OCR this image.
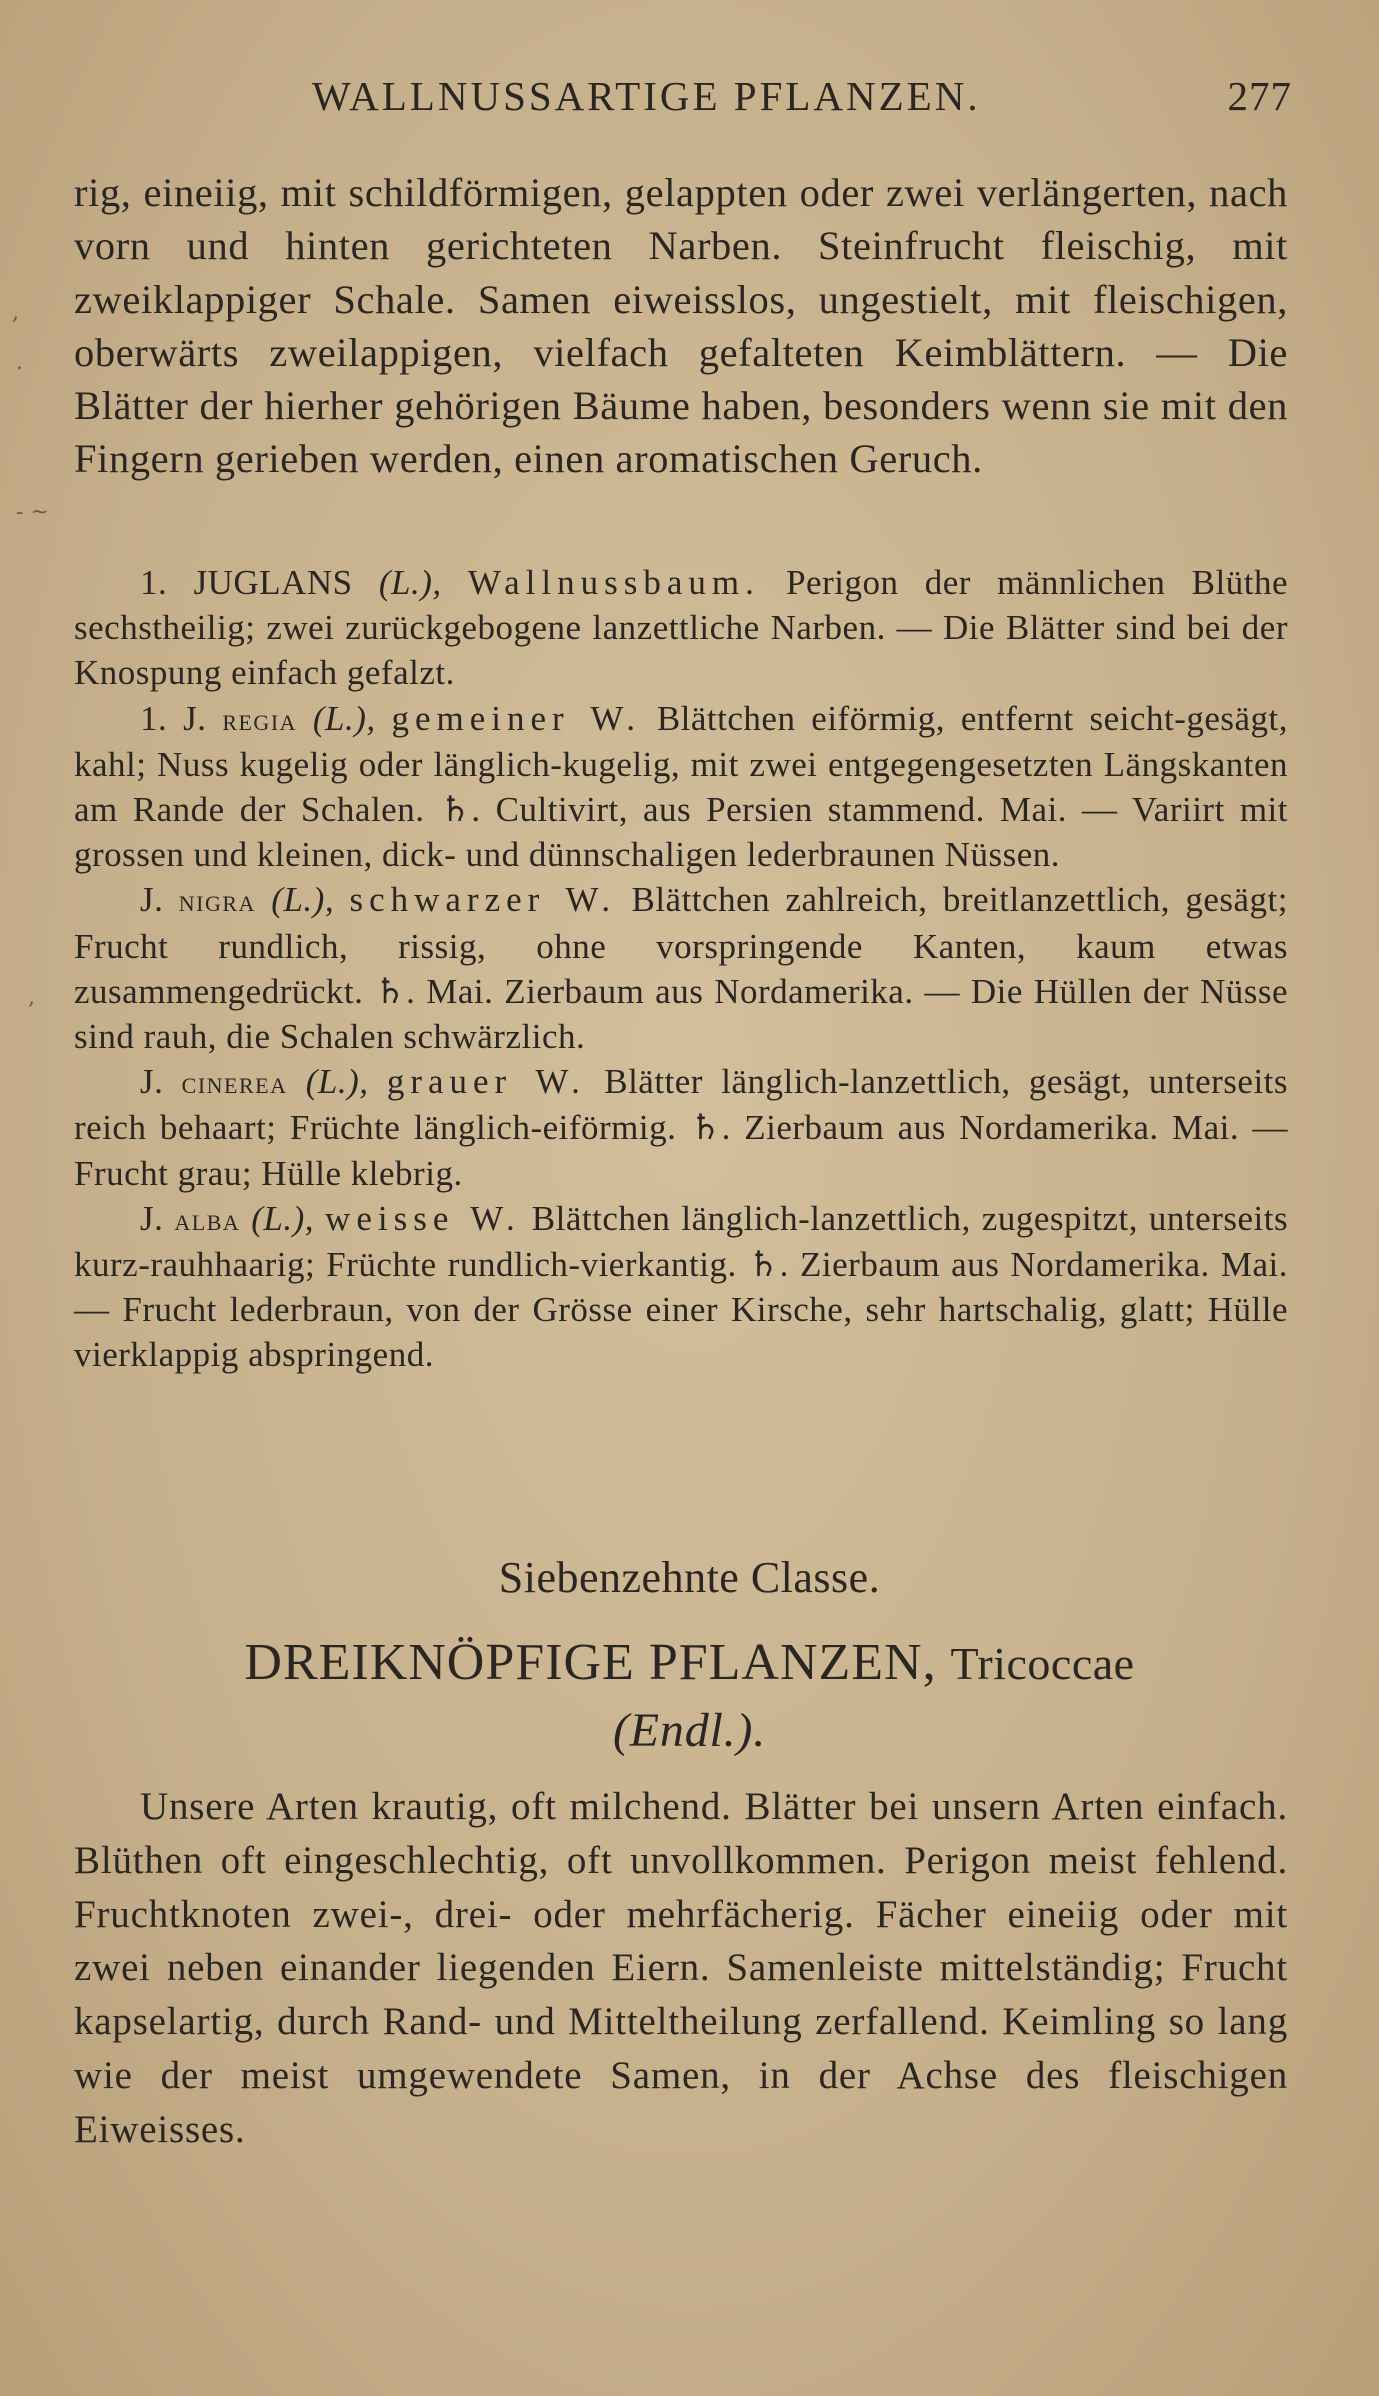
WALLNUSSARTIGE PFLANZEN.	277
rig, eineiig, mit schildförmigen, gelappten oder zwei verlängerten, nach vorn und hinten gerichteten Narben. Steinfrucht fleischig, mit zweiklappiger Schale. Samen eiweisslos, ungestielt, mit fleischigen, oberwärts zweilappigen, vielfach gefalteten Keimblättern. — Die Blätter der hierher gehörigen Bäume haben, besonders wenn sie mit den Fingern gerieben werden, einen aromatischen Geruch.

1. JUGLANS (L.), Wallnussbaum. Perigon der männlichen Blüthe sechstheilig; zwei zurückgebogene lanzettliche Narben. — Die Blätter sind bei der Knospung einfach gefalzt.

1. J. regia (L.), gemeiner W. Blättchen eiförmig, entfernt seicht-gesägt, kahl; Nuss kugelig oder länglich-kugelig, mit zwei entgegengesetzten Längskanten am Rande der Schalen. ♄. Cultivirt, aus Persien stammend. Mai. — Variirt mit grossen und kleinen, dick- und dünnschaligen lederbraunen Nüssen.

J. nigra (L.), schwarzer W. Blättchen zahlreich, breitlanzettlich, gesägt; Frucht rundlich, rissig, ohne vorspringende Kanten, kaum etwas zusammengedrückt. ♄. Mai. Zierbaum aus Nordamerika. — Die Hüllen der Nüsse sind rauh, die Schalen schwärzlich.

J. cinerea (L.), grauer W. Blätter länglich-lanzettlich, gesägt, unterseits reich behaart; Früchte länglich-eiförmig. ♄. Zierbaum aus Nordamerika. Mai. — Frucht grau; Hülle klebrig.

J. alba (L.), weisse W. Blättchen länglich-lanzettlich, zugespitzt, unterseits kurz-rauhhaarig; Früchte rundlich-vierkantig. ♄. Zierbaum aus Nordamerika. Mai. — Frucht lederbraun, von der Grösse einer Kirsche, sehr hartschalig, glatt; Hülle vierklappig abspringend.

Siebenzehnte Classe.
DREIKNÖPFIGE PFLANZEN, Tricoccae
(Endl.).
Unsere Arten krautig, oft milchend. Blätter bei unsern Arten einfach. Blüthen oft eingeschlechtig, oft unvollkommen. Perigon meist fehlend. Fruchtknoten zwei-, drei- oder mehrfächerig. Fächer eineiig oder mit zwei neben einander liegenden Eiern. Samenleiste mittelständig; Frucht kapselartig, durch Rand- und Mitteltheilung zerfallend. Keimling so lang wie der meist umgewendete Samen, in der Achse des fleischigen Eiweisses.
,
.
- ~
,
